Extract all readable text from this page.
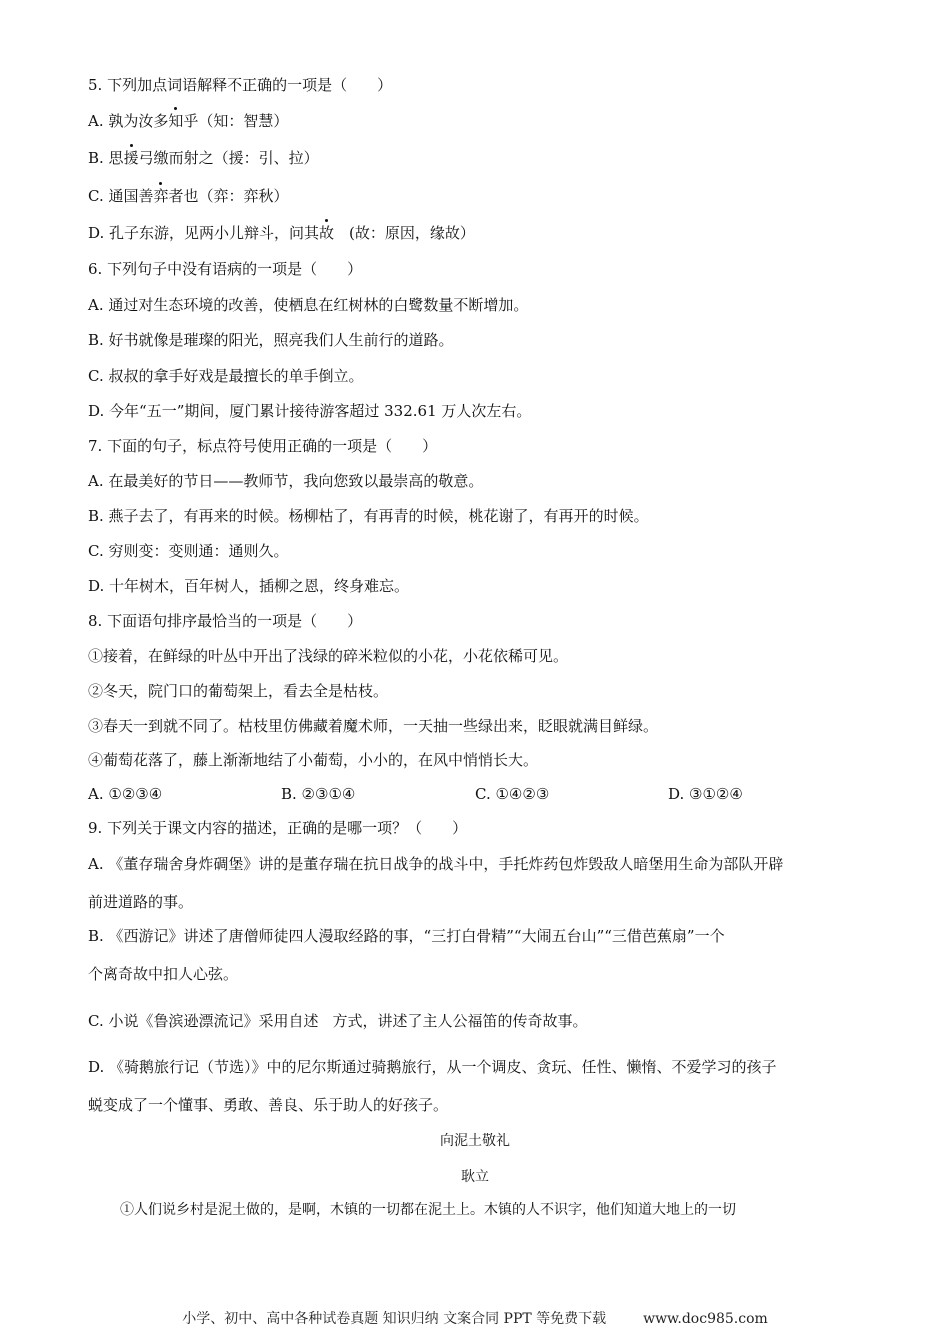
5. 下列加点词语解释不正确的一项是（　　）
A. 孰为汝多知乎（知：智慧）
B. 思援弓缴而射之（援：引、拉）
C. 通国善弈者也（弈：弈秋）
D. 孔子东游，见两小儿辩斗，问其故　(故：原因，缘故）
6. 下列句子中没有语病的一项是（　　）
A. 通过对生态环境的改善，使栖息在红树林的白鹭数量不断增加。
B. 好书就像是璀璨的阳光，照亮我们人生前行的道路。
C. 叔叔的拿手好戏是最擅长的单手倒立。
D. 今年“五一”期间，厦门累计接待游客超过 332.61 万人次左右。
7. 下面的句子，标点符号使用正确的一项是（　　）
A. 在最美好的节日——教师节，我向您致以最崇高的敬意。
B. 燕子去了，有再来的时候。杨柳枯了，有再青的时候，桃花谢了，有再开的时候。
C. 穷则变：变则通：通则久。
D. 十年树木，百年树人，插柳之恩，终身难忘。
8. 下面语句排序最恰当的一项是（　　）
①接着，在鲜绿的叶丛中开出了浅绿的碎米粒似的小花，小花依稀可见。
②冬天，院门口的葡萄架上，看去全是枯枝。
③春天一到就不同了。枯枝里仿佛藏着魔术师，一天抽一些绿出来，眨眼就满目鲜绿。
④葡萄花落了，藤上渐渐地结了小葡萄，小小的，在风中悄悄长大。
A. ①②③④	B. ②③①④	C. ①④②③	D. ③①②④
9. 下列关于课文内容的描述，正确的是哪一项？（　　）
A. 《董存瑞舍身炸碉堡》讲的是董存瑞在抗日战争的战斗中，手托炸药包炸毁敌人暗堡用生命为部队开辟
前进道路的事。
B. 《西游记》讲述了唐僧师徒四人漫取经路的事，“三打白骨精”“大闹五台山”“三借芭蕉扇”一个
个离奇故中扣人心弦。
C. 小说《鲁滨逊漂流记》采用自述 方式，讲述了主人公福笛的传奇故事。
D. 《骑鹅旅行记（节选）》中的尼尔斯通过骑鹅旅行，从一个调皮、贪玩、任性、懒惰、不爱学习的孩子
蜕变成了一个懂事、勇敢、善良、乐于助人的好孩子。
向泥土敬礼
耿立
①人们说乡村是泥土做的，是啊，木镇的一切都在泥土上。木镇的人不识字，他们知道大地上的一切
小学、初中、高中各种试卷真题 知识归纳 文案合同 PPT 等免费下载	www.doc985.com
